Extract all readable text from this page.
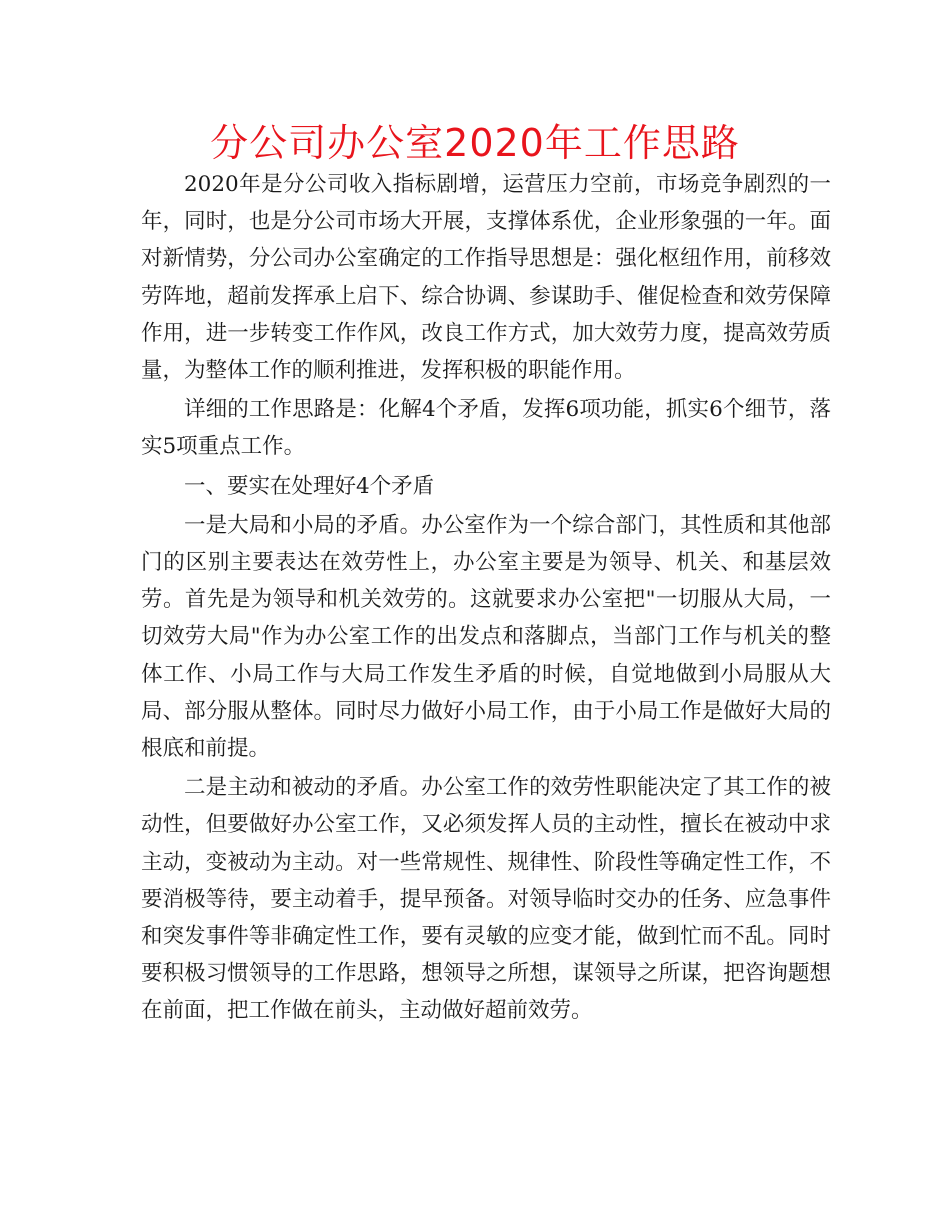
分公司办公室2020年工作思路

2020年是分公司收入指标剧增，运营压力空前，市场竞争剧烈的一年，同时，也是分公司市场大开展，支撑体系优，企业形象强的一年。面对新情势，分公司办公室确定的工作指导思想是：强化枢纽作用，前移效劳阵地，超前发挥承上启下、综合协调、参谋助手、催促检查和效劳保障作用，进一步转变工作作风，改良工作方式，加大效劳力度，提高效劳质量，为整体工作的顺利推进，发挥积极的职能作用。

详细的工作思路是：化解4个矛盾，发挥6项功能，抓实6个细节，落实5项重点工作。

一、要实在处理好4个矛盾

一是大局和小局的矛盾。办公室作为一个综合部门，其性质和其他部门的区别主要表达在效劳性上，办公室主要是为领导、机关、和基层效劳。首先是为领导和机关效劳的。这就要求办公室把"一切服从大局，一切效劳大局"作为办公室工作的出发点和落脚点，当部门工作与机关的整体工作、小局工作与大局工作发生矛盾的时候，自觉地做到小局服从大局、部分服从整体。同时尽力做好小局工作，由于小局工作是做好大局的根底和前提。

二是主动和被动的矛盾。办公室工作的效劳性职能决定了其工作的被动性，但要做好办公室工作，又必须发挥人员的主动性，擅长在被动中求主动，变被动为主动。对一些常规性、规律性、阶段性等确定性工作，不要消极等待，要主动着手，提早预备。对领导临时交办的任务、应急事件和突发事件等非确定性工作，要有灵敏的应变才能，做到忙而不乱。同时要积极习惯领导的工作思路，想领导之所想，谋领导之所谋，把咨询题想在前面，把工作做在前头，主动做好超前效劳。
